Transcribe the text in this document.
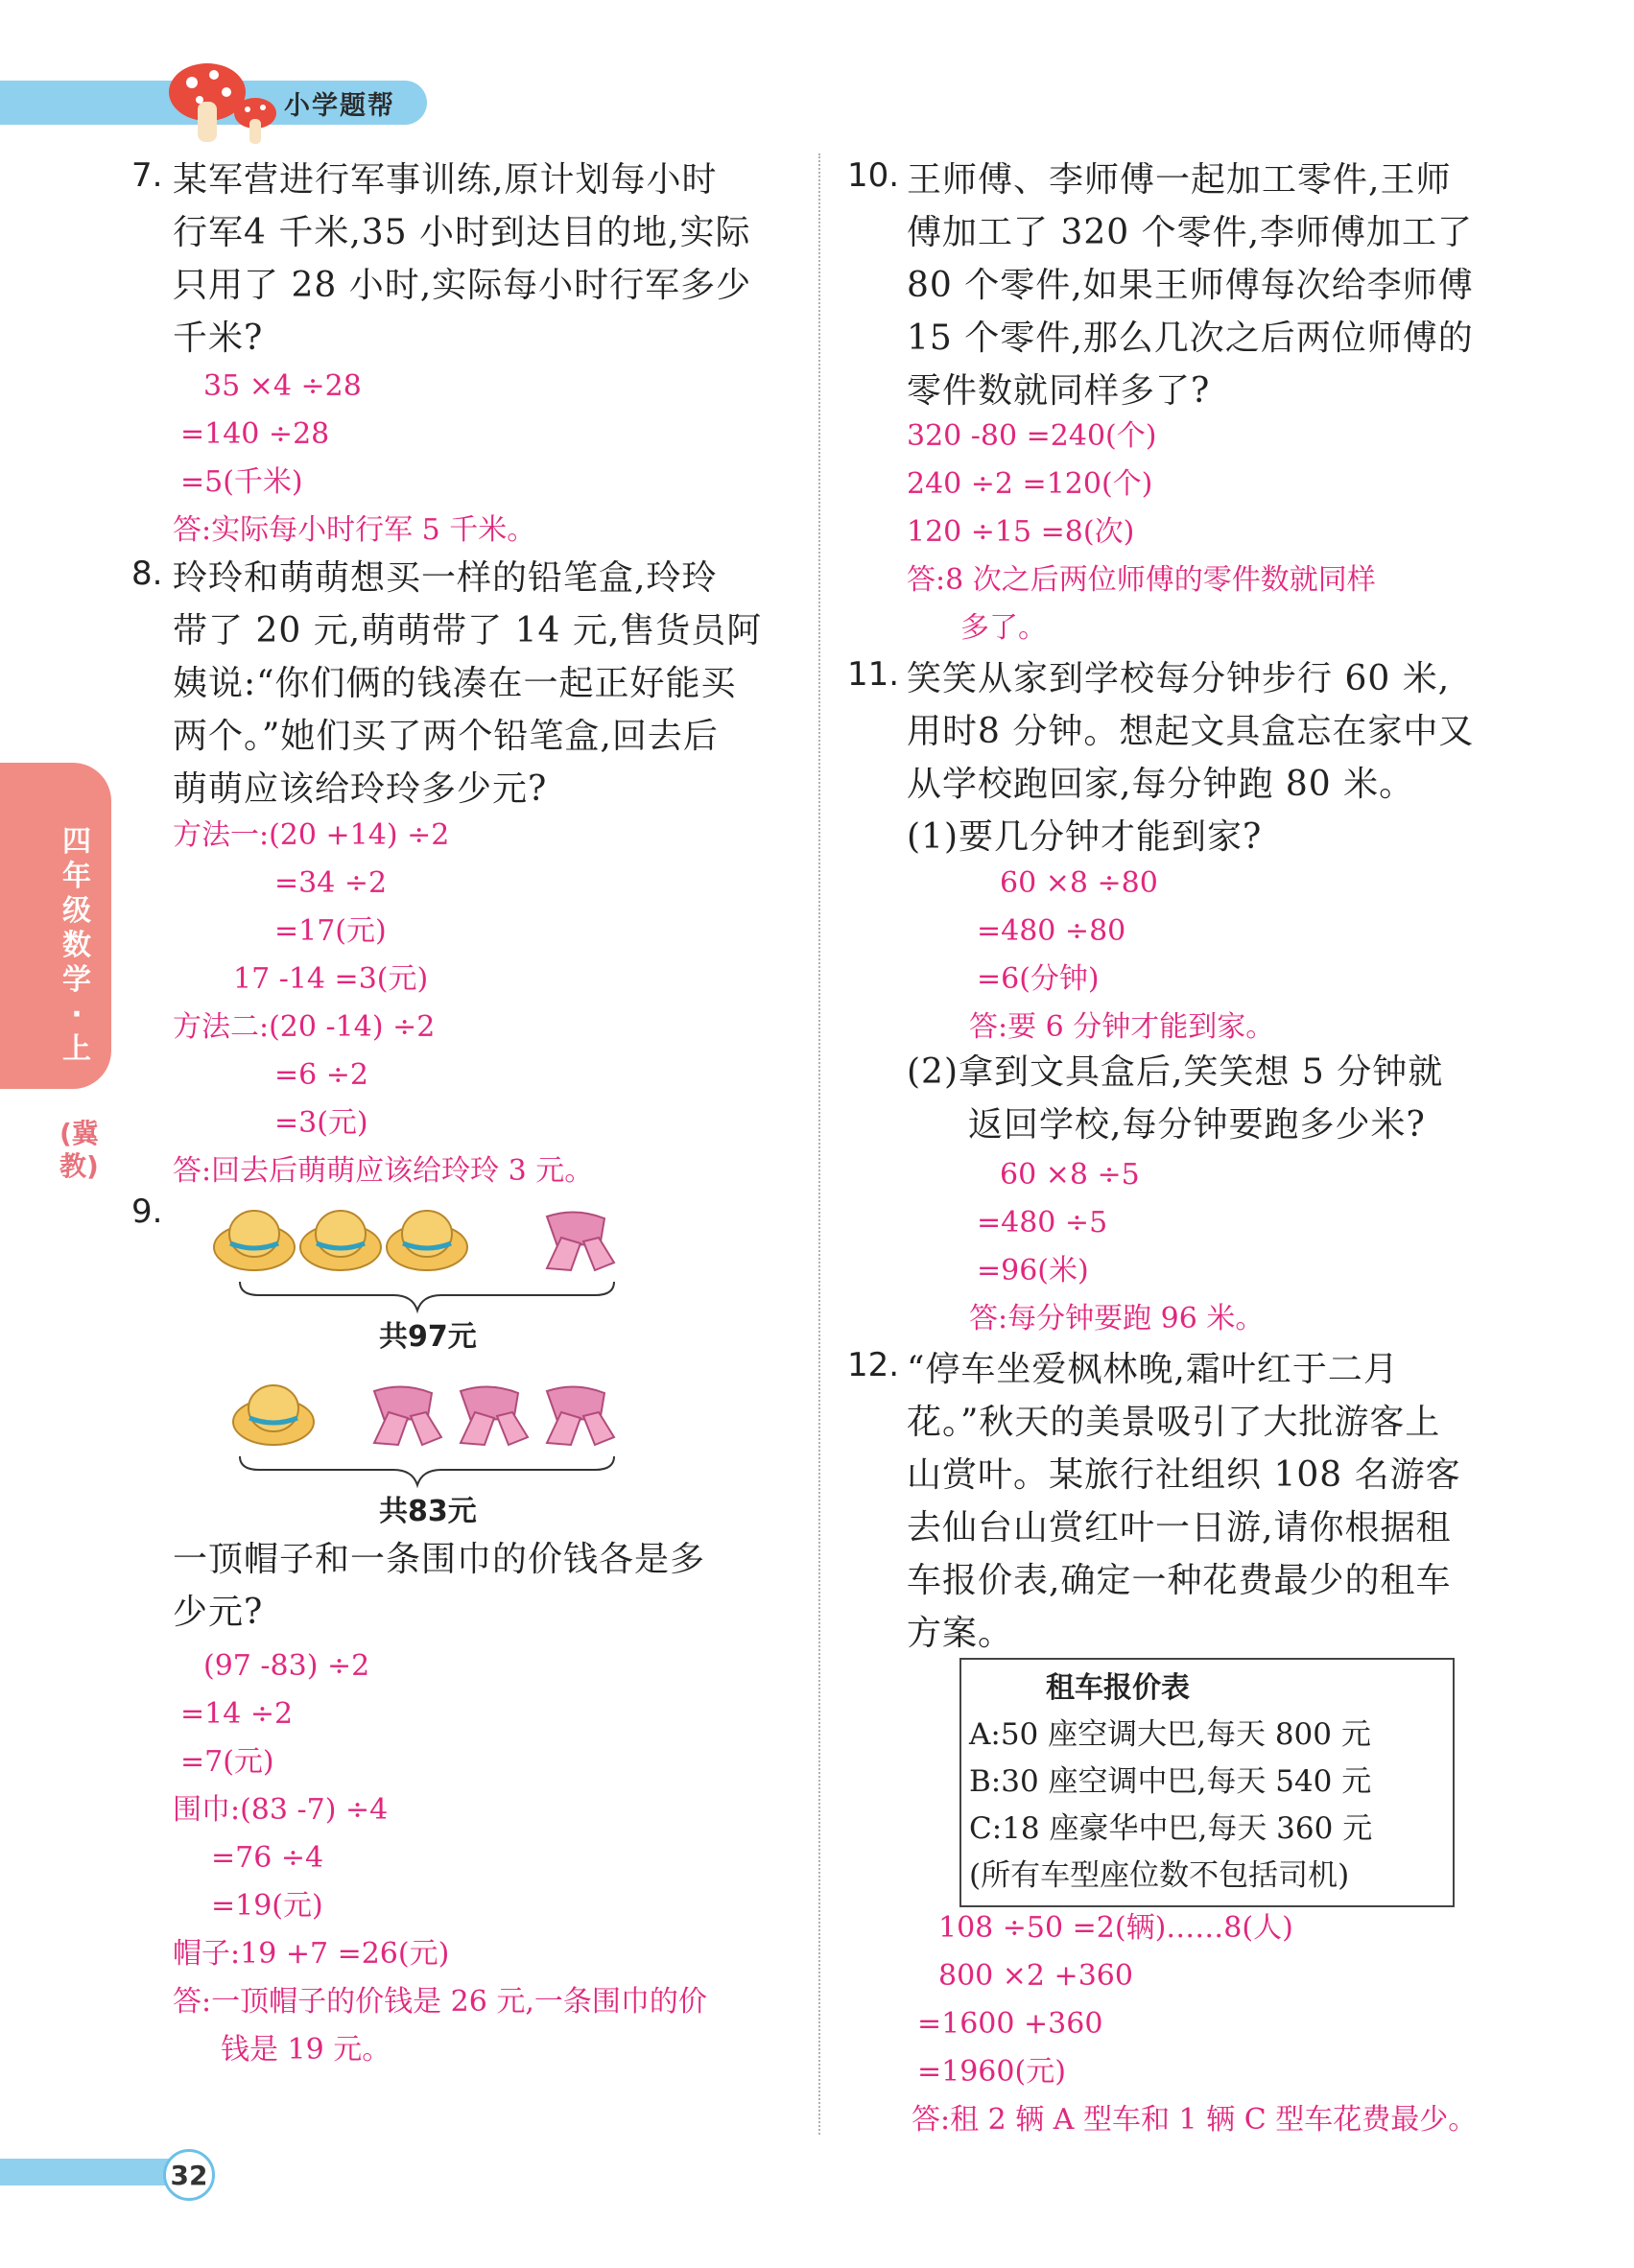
小学题帮
四年级数学·上
(冀教)
7. 某军营进行军事训练,原计划每小时
行军4 千米,35 小时到达目的地,实际
只用了 28 小时,实际每小时行军多少
千米?
35 ×4 ÷28
=140 ÷28
=5(千米)
答:实际每小时行军 5 千米。
8. 玲玲和萌萌想买一样的铅笔盒,玲玲
带了 20 元,萌萌带了 14 元,售货员阿
姨说:“你们俩的钱凑在一起正好能买
两个。”她们买了两个铅笔盒,回去后
萌萌应该给玲玲多少元?
方法一:(20 +14) ÷2
=34 ÷2
=17(元)
17 -14 =3(元)
方法二:(20 -14) ÷2
=6 ÷2
=3(元)
答:回去后萌萌应该给玲玲 3 元。
9.
共97元
共83元
一顶帽子和一条围巾的价钱各是多
少元?
(97 -83) ÷2
=14 ÷2
=7(元)
围巾:(83 -7) ÷4
=76 ÷4
=19(元)
帽子:19 +7 =26(元)
答:一顶帽子的价钱是 26 元,一条围巾的价
钱是 19 元。
10. 王师傅、李师傅一起加工零件,王师
傅加工了 320 个零件,李师傅加工了
80 个零件,如果王师傅每次给李师傅
15 个零件,那么几次之后两位师傅的
零件数就同样多了?
320 -80 =240(个)
240 ÷2 =120(个)
120 ÷15 =8(次)
答:8 次之后两位师傅的零件数就同样
多了。
11. 笑笑从家到学校每分钟步行 60 米,
用时8 分钟。想起文具盒忘在家中又
从学校跑回家,每分钟跑 80 米。
(1)要几分钟才能到家?
60 ×8 ÷80
=480 ÷80
=6(分钟)
答:要 6 分钟才能到家。
(2)拿到文具盒后,笑笑想 5 分钟就
返回学校,每分钟要跑多少米?
60 ×8 ÷5
=480 ÷5
=96(米)
答:每分钟要跑 96 米。
12. “停车坐爱枫林晚,霜叶红于二月
花。”秋天的美景吸引了大批游客上
山赏叶。某旅行社组织 108 名游客
去仙台山赏红叶一日游,请你根据租
车报价表,确定一种花费最少的租车
方案。
租车报价表
A:50 座空调大巴,每天 800 元
B:30 座空调中巴,每天 540 元
C:18 座豪华中巴,每天 360 元
(所有车型座位数不包括司机)
108 ÷50 =2(辆)……8(人)
800 ×2 +360
=1600 +360
=1960(元)
答:租 2 辆 A 型车和 1 辆 C 型车花费最少。
32
